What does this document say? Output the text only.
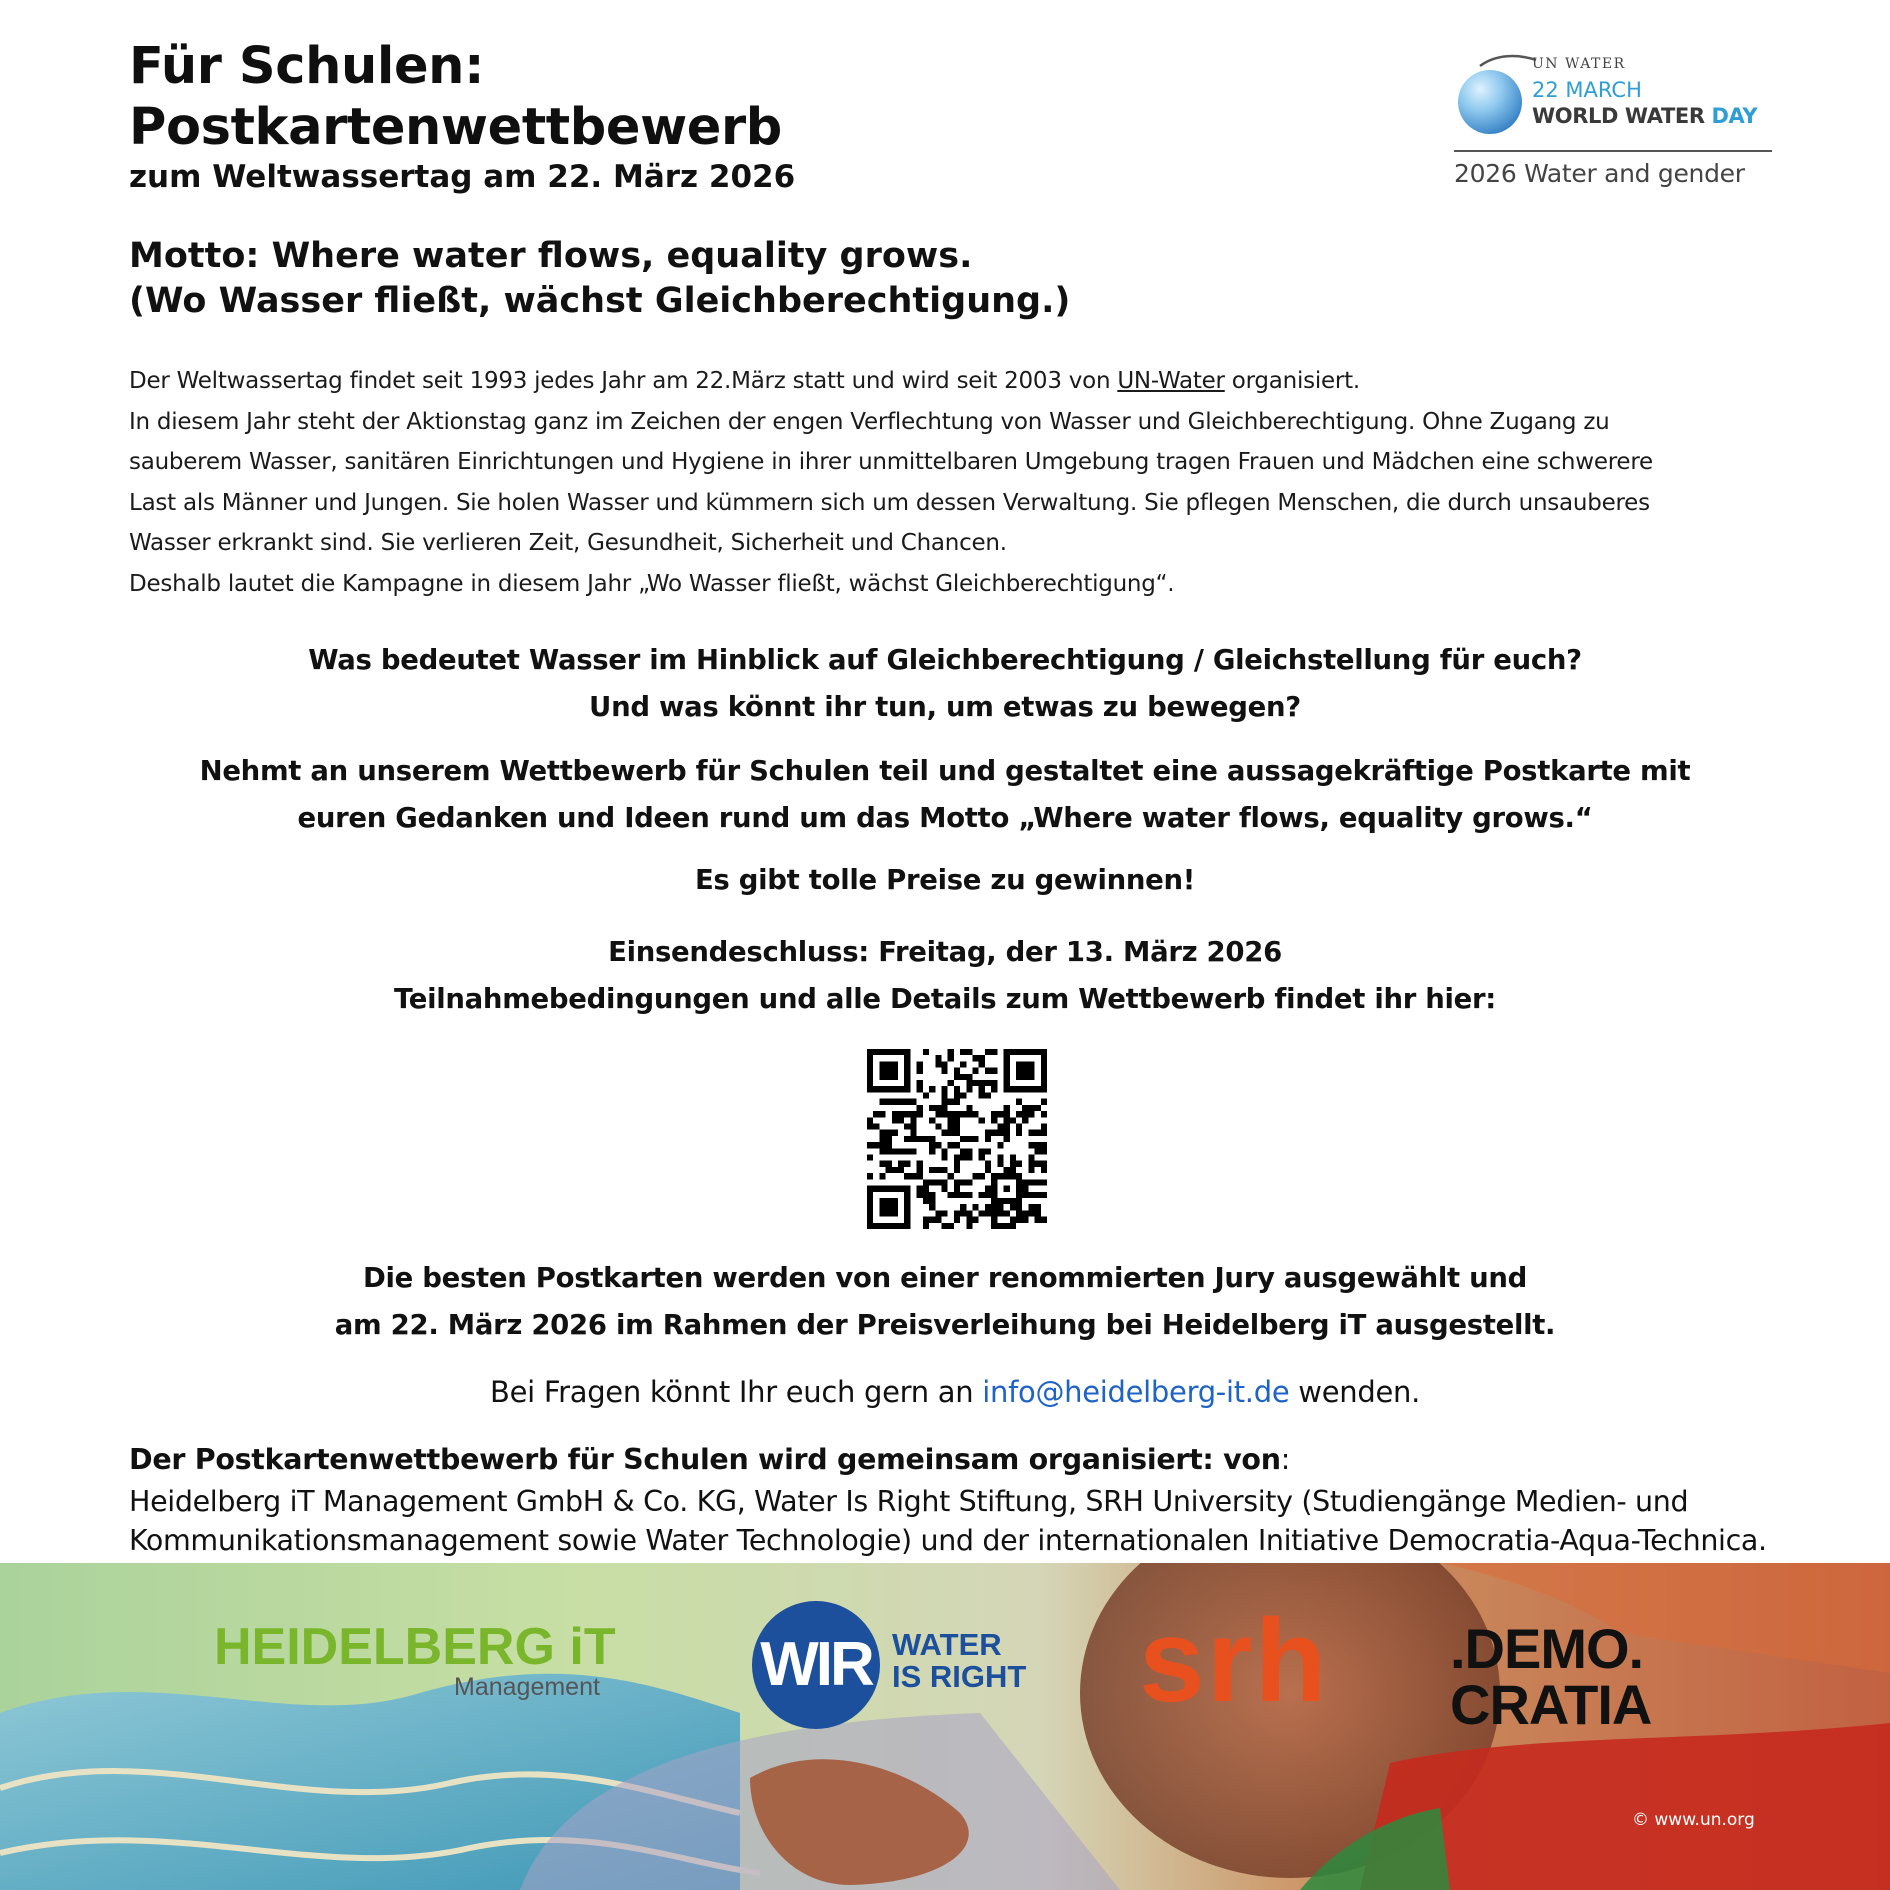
Für Schulen:
Postkartenwettbewerb

zum Weltwassertag am 22. März 2026

Motto: Where water flows, equality grows.
(Wo Wasser fließt, wächst Gleichberechtigung.)
UN WATER
22 MARCH
WORLD WATER DAY
2026 Water and gender

Der Weltwassertag findet seit 1993 jedes Jahr am 22.März statt und wird seit 2003 von UN-Water organisiert.

In diesem Jahr steht der Aktionstag ganz im Zeichen der engen Verflechtung von Wasser und Gleichberechtigung. Ohne Zugang zu

sauberem Wasser, sanitären Einrichtungen und Hygiene in ihrer unmittelbaren Umgebung tragen Frauen und Mädchen eine schwerere

Last als Männer und Jungen. Sie holen Wasser und kümmern sich um dessen Verwaltung. Sie pflegen Menschen, die durch unsauberes

Wasser erkrankt sind. Sie verlieren Zeit, Gesundheit, Sicherheit und Chancen.

Deshalb lautet die Kampagne in diesem Jahr „Wo Wasser fließt, wächst Gleichberechtigung“.

Was bedeutet Wasser im Hinblick auf Gleichberechtigung / Gleichstellung für euch?

Und was könnt ihr tun, um etwas zu bewegen?

Nehmt an unserem Wettbewerb für Schulen teil und gestaltet eine aussagekräftige Postkarte mit

euren Gedanken und Ideen rund um das Motto „Where water flows, equality grows.“

Es gibt tolle Preise zu gewinnen!

Einsendeschluss: Freitag, der 13. März 2026

Teilnahmebedingungen und alle Details zum Wettbewerb findet ihr hier:

Die besten Postkarten werden von einer renommierten Jury ausgewählt und

am 22. März 2026 im Rahmen der Preisverleihung bei Heidelberg iT ausgestellt.

Bei Fragen könnt Ihr euch gern an info@heidelberg-it.de wenden.
Der Postkartenwettbewerb für Schulen wird gemeinsam organisiert: von:

Heidelberg iT Management GmbH & Co. KG, Water Is Right Stiftung, SRH University (Studiengänge Medien- und

Kommunikationsmanagement sowie Water Technologie) und der internationalen Initiative Democratia-Aqua-Technica.

HEIDELBERG iT
Management	WIR WATER
IS RIGHT srh .DEMO.
CRATIA
© www.un.org
